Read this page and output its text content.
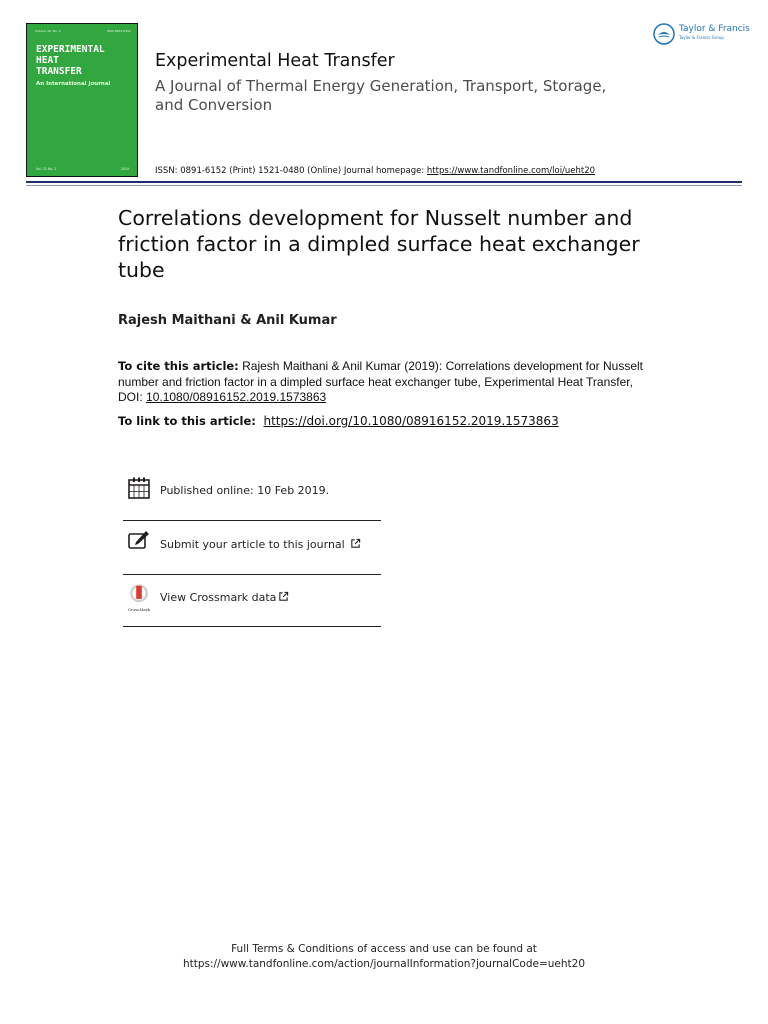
Volume 32, No. 2	ISSN 0891-6152
EXPERIMENTAL
HEAT
TRANSFER
An International Journal
Vol. 32 No. 2	2019
Experimental Heat Transfer
A Journal of Thermal Energy Generation, Transport, Storage, and Conversion
ISSN: 0891-6152 (Print) 1521-0480 (Online) Journal homepage: https://www.tandfonline.com/loi/ueht20
Taylor & Francis
Taylor & Francis Group
Correlations development for Nusselt number and friction factor in a dimpled surface heat exchanger tube
Rajesh Maithani & Anil Kumar
To cite this article: Rajesh Maithani & Anil Kumar (2019): Correlations development for Nusselt number and friction factor in a dimpled surface heat exchanger tube, Experimental Heat Transfer, DOI: 10.1080/08916152.2019.1573863
To link to this article: https://doi.org/10.1080/08916152.2019.1573863
Published online: 10 Feb 2019.
Submit your article to this journal
CrossMark
View Crossmark data
Full Terms & Conditions of access and use can be found at
https://www.tandfonline.com/action/journalInformation?journalCode=ueht20
